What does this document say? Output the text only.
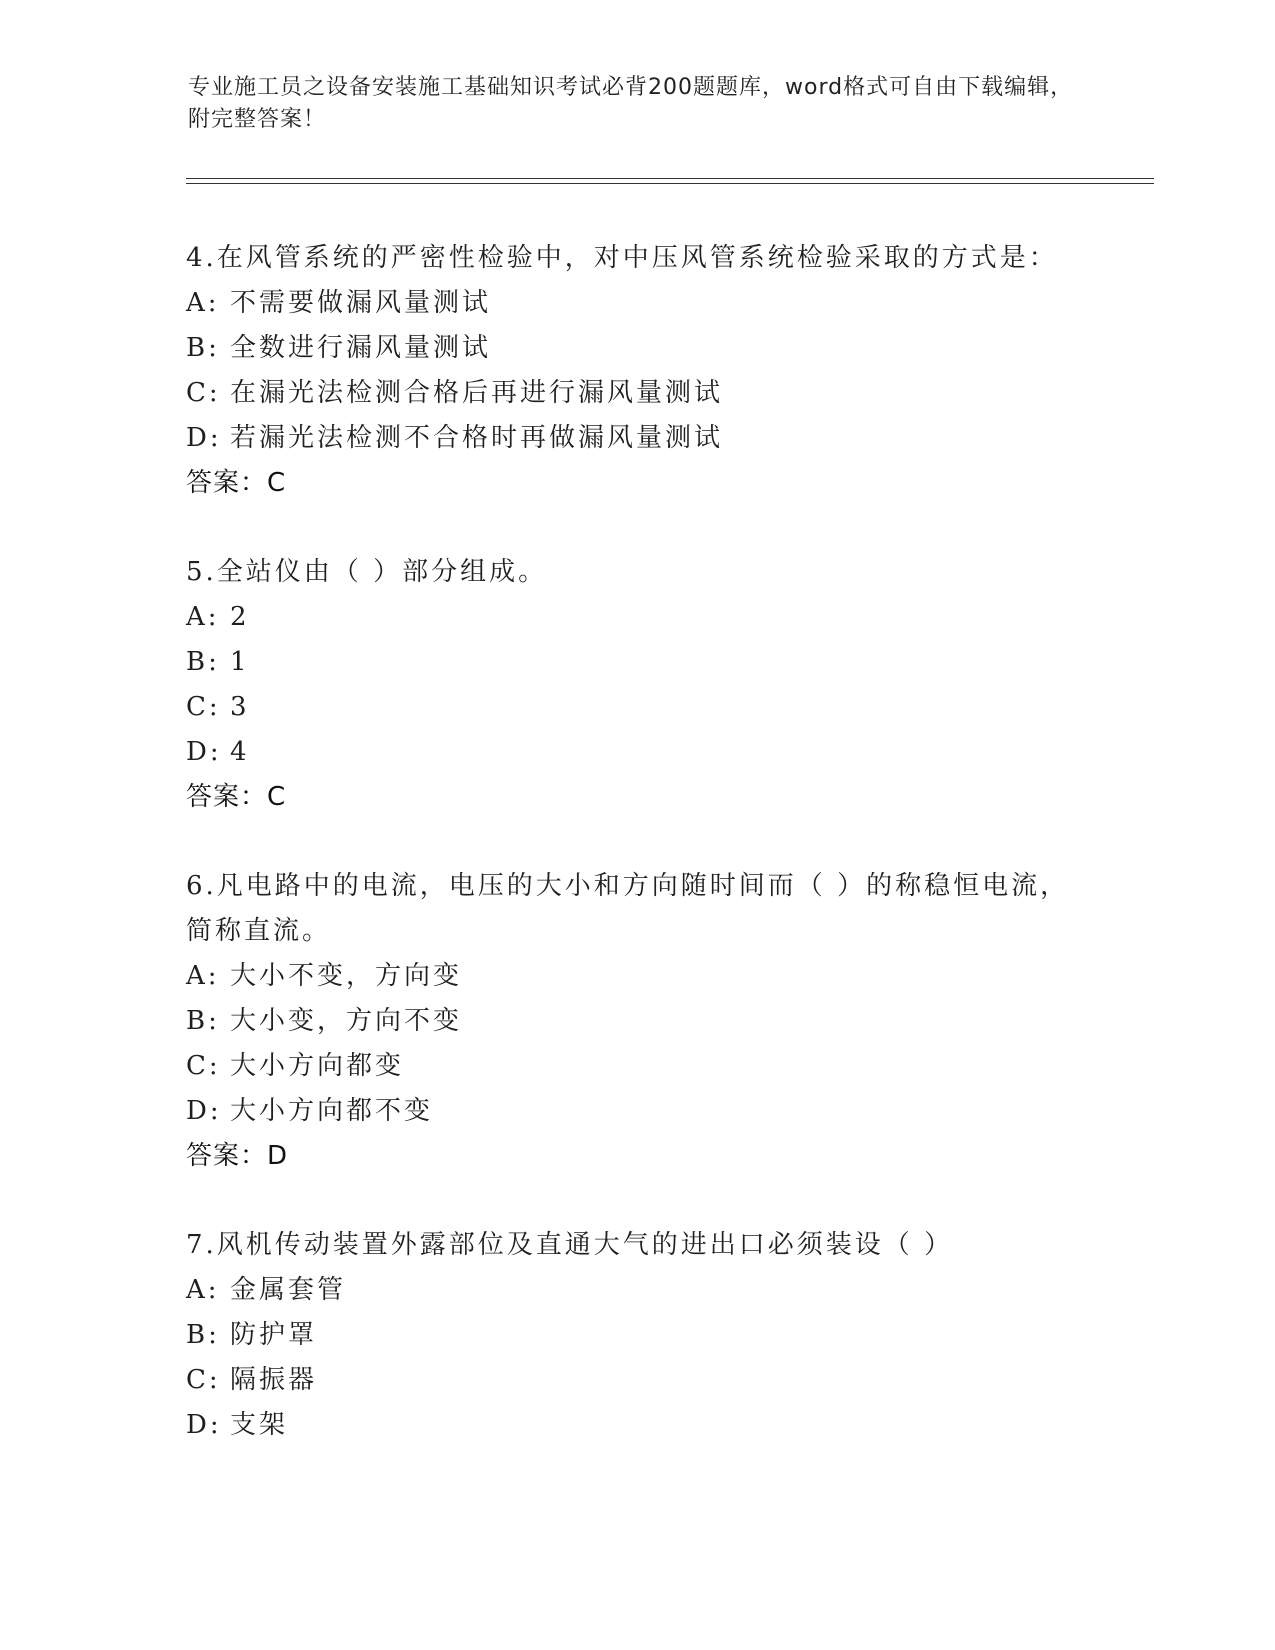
专业施工员之设备安装施工基础知识考试必背200题题库，word格式可自由下载编辑，附完整答案！
4.在风管系统的严密性检验中，对中压风管系统检验采取的方式是：
A: 不需要做漏风量测试
B: 全数进行漏风量测试
C: 在漏光法检测合格后再进行漏风量测试
D: 若漏光法检测不合格时再做漏风量测试
答案：C
5.全站仪由（ ）部分组成。
A: 2
B: 1
C: 3
D: 4
答案：C
6.凡电路中的电流，电压的大小和方向随时间而（ ）的称稳恒电流，简称直流。
A: 大小不变，方向变
B: 大小变，方向不变
C: 大小方向都变
D: 大小方向都不变
答案：D
7.风机传动装置外露部位及直通大气的进出口必须装设（ ）
A: 金属套管
B: 防护罩
C: 隔振器
D: 支架
